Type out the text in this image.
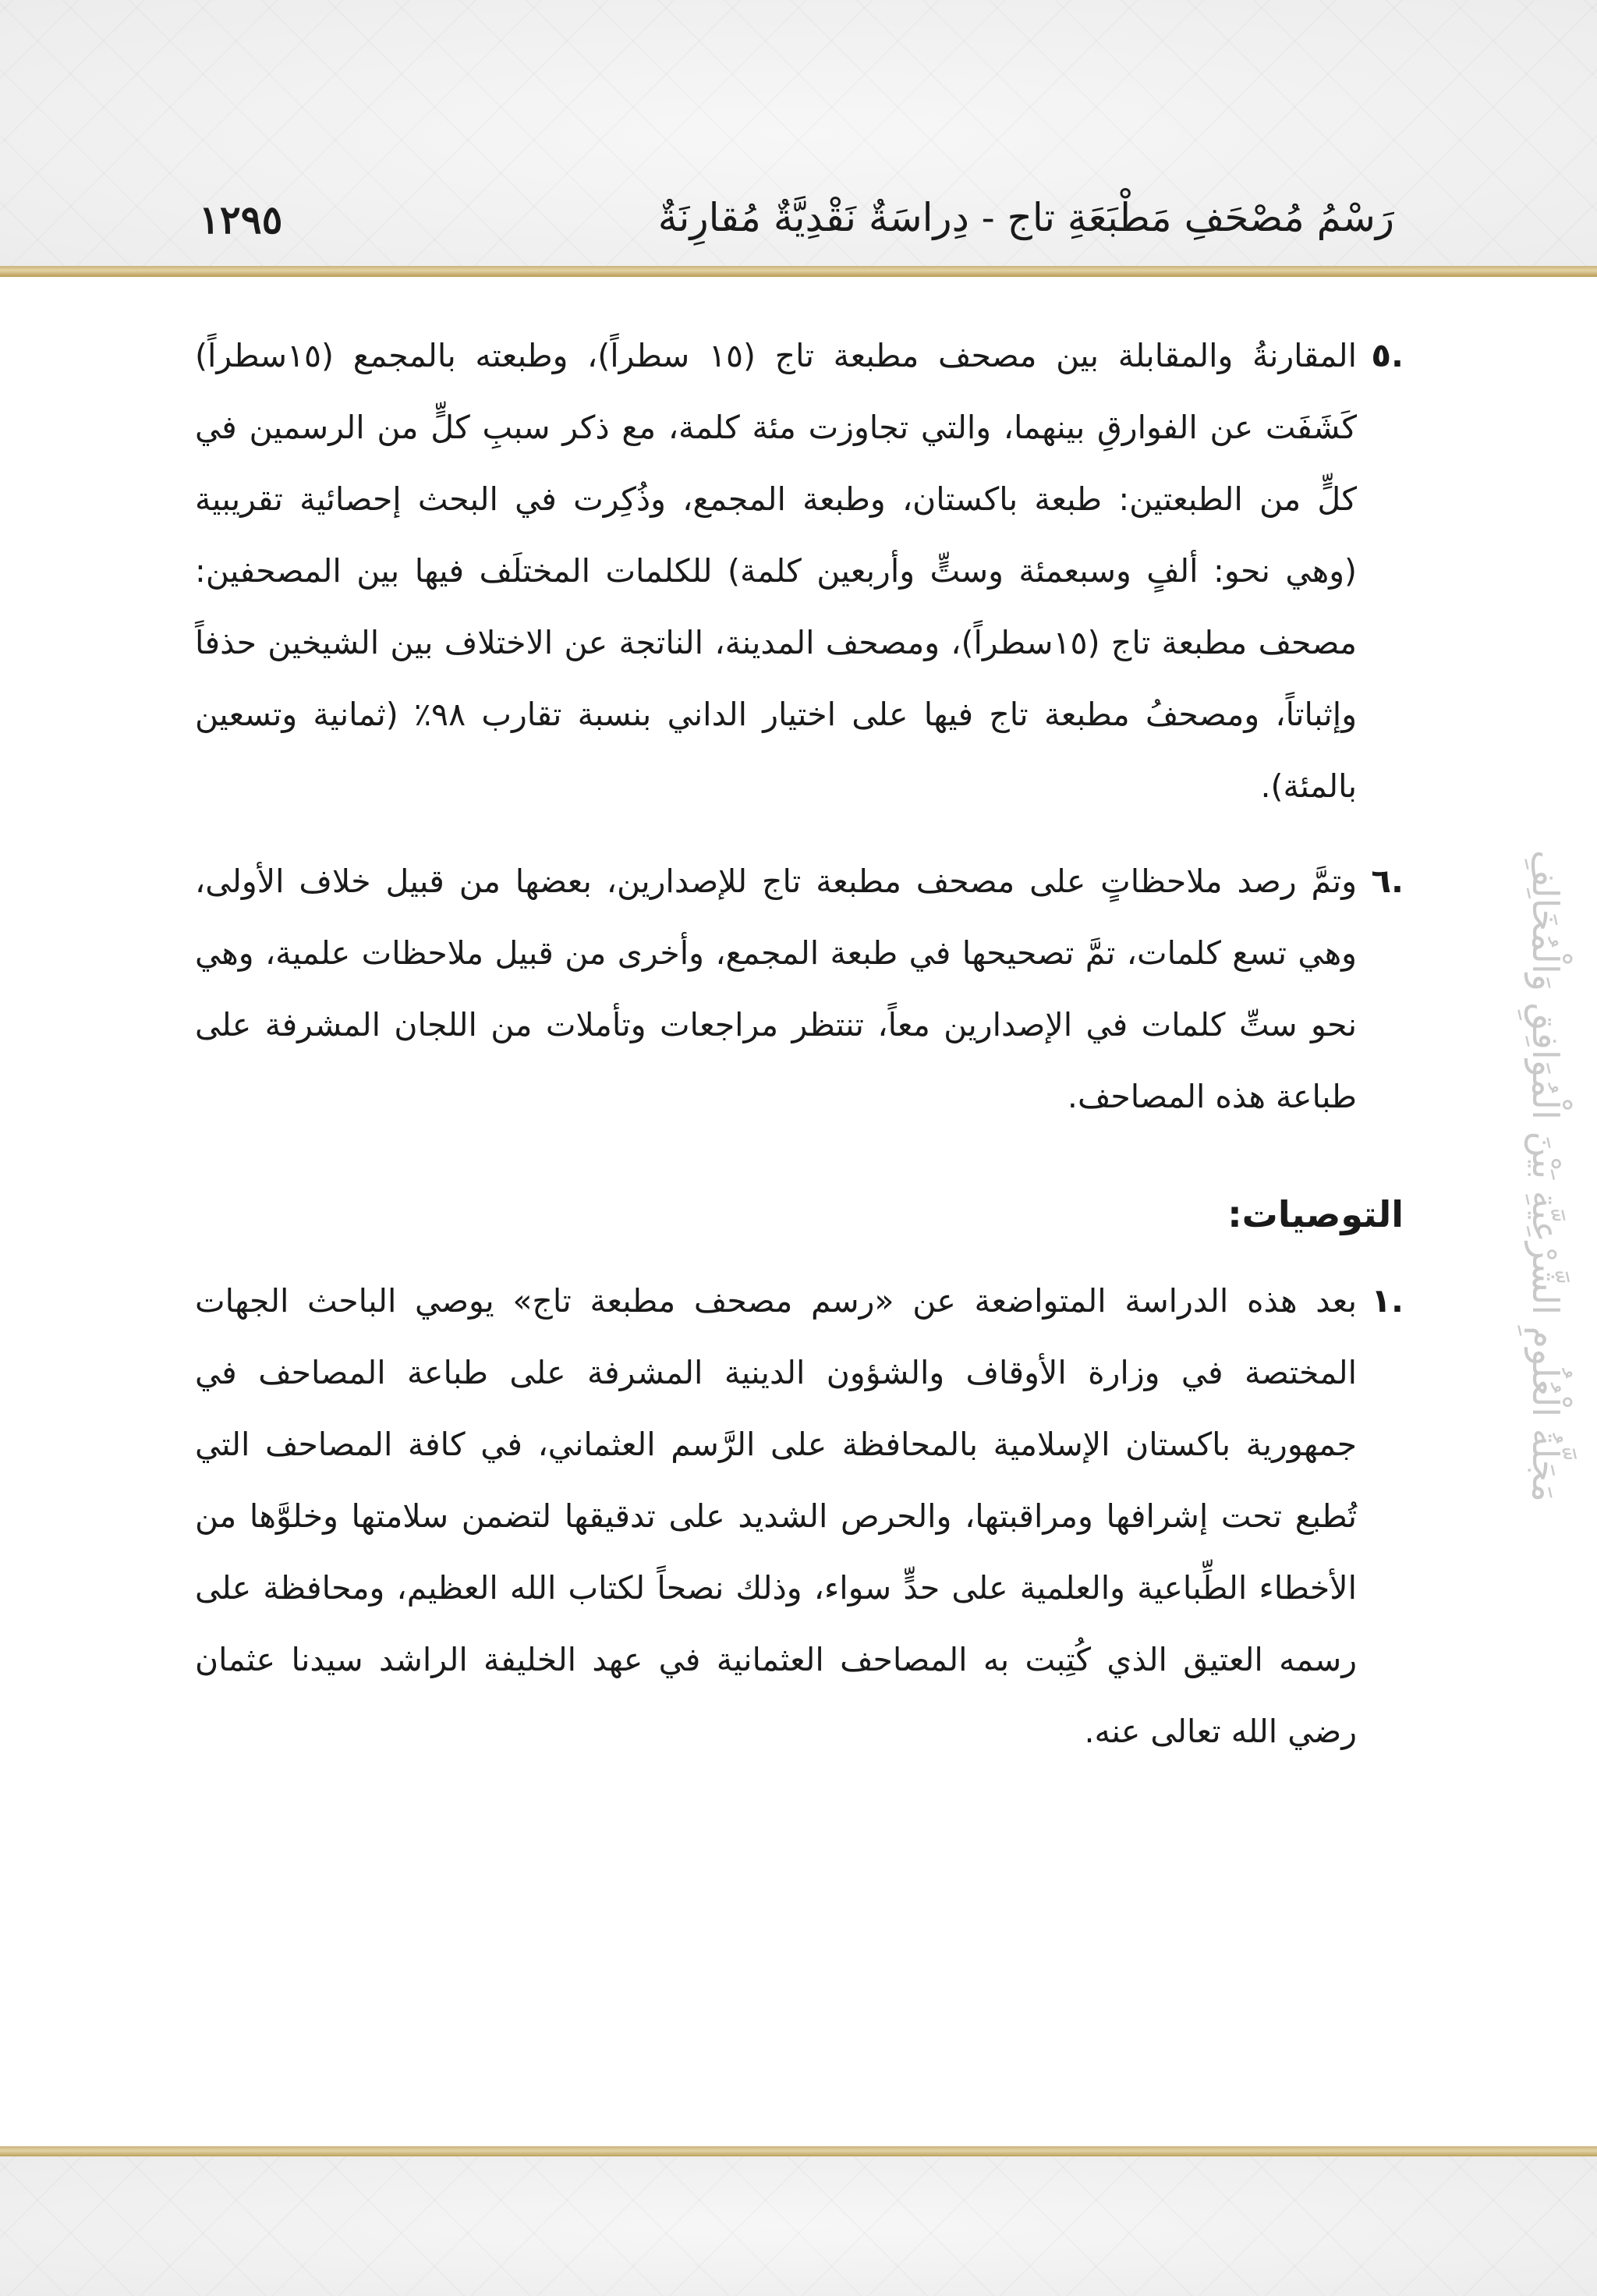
رَسْمُ مُصْحَفِ مَطْبَعَةِ تاج - دِراسَةٌ نَقْدِيَّةٌ مُقارِنَةٌ
١٢٩٥
مَجَلَّةُ الْعُلُومِ الشَّرْعِيَّةِ بَيْنَ الْمُوَافِقِ وَالْمُخَالِفِ
.٥
المقارنةُ والمقابلة بين مصحف مطبعة تاج (١٥ سطراً)، وطبعته بالمجمع (١٥سطراً) كَشَفَت عن الفوارقِ بينهما، والتي تجاوزت مئة كلمة، مع ذكر سببِ كلٍّ من الرسمين في كلٍّ من الطبعتين: طبعة باكستان، وطبعة المجمع، وذُكِرت في البحث إحصائية تقريبية (وهي نحو: ألفٍ وسبعمئة وستٍّ وأربعين كلمة) للكلمات المختلَف فيها بين المصحفين: مصحف مطبعة تاج (١٥سطراً)، ومصحف المدينة، الناتجة عن الاختلاف بين الشيخين حذفاً وإثباتاً، ومصحفُ مطبعة تاج فيها على اختيار الداني بنسبة تقارب ٩٨٪ (ثمانية وتسعين بالمئة).
.٦
وتمَّ رصد ملاحظاتٍ على مصحف مطبعة تاج للإصدارين، بعضها من قبيل خلاف الأولى، وهي تسع كلمات، تمَّ تصحيحها في طبعة المجمع، وأخرى من قبيل ملاحظات علمية، وهي نحو ستِّ كلمات في الإصدارين معاً، تنتظر مراجعات وتأملات من اللجان المشرفة على طباعة هذه المصاحف.
التوصيات:
.١
بعد هذه الدراسة المتواضعة عن «رسم مصحف مطبعة تاج» يوصي الباحث الجهات المختصة في وزارة الأوقاف والشؤون الدينية المشرفة على طباعة المصاحف في جمهورية باكستان الإسلامية بالمحافظة على الرَّسم العثماني، في كافة المصاحف التي تُطبع تحت إشرافها ومراقبتها، والحرص الشديد على تدقيقها لتضمن سلامتها وخلوَّها من الأخطاء الطِّباعية والعلمية على حدٍّ سواء، وذلك نصحاً لكتاب الله العظيم، ومحافظة على رسمه العتيق الذي كُتِبت به المصاحف العثمانية في عهد الخليفة الراشد سيدنا عثمان رضي الله تعالى عنه.
